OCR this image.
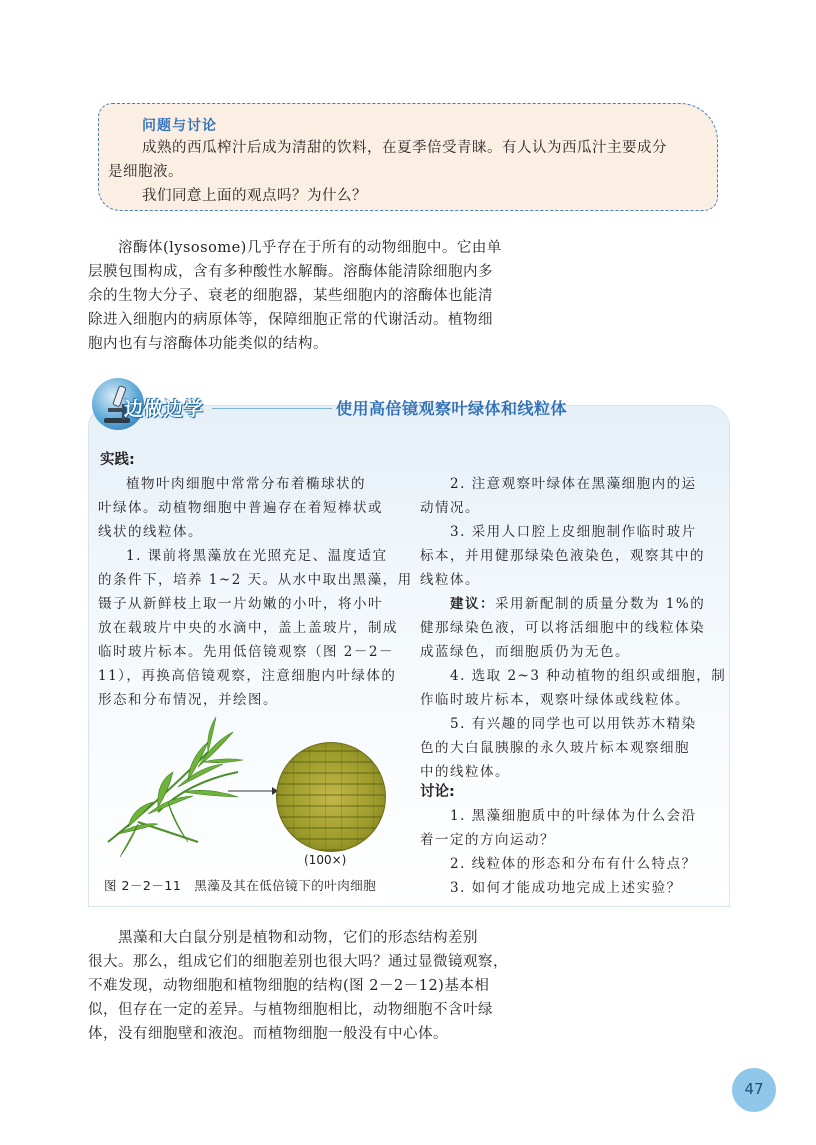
问题与讨论

成熟的西瓜榨汁后成为清甜的饮料，在夏季倍受青睐。有人认为西瓜汁主要成分

是细胞液。

我们同意上面的观点吗？为什么？

溶酶体(lysosome)几乎存在于所有的动物细胞中。它由单

层膜包围构成，含有多种酸性水解酶。溶酶体能清除细胞内多

余的生物大分子、衰老的细胞器，某些细胞内的溶酶体也能清

除进入细胞内的病原体等，保障细胞正常的代谢活动。植物细

胞内也有与溶酶体功能类似的结构。

边做边学	使用高倍镜观察叶绿体和线粒体
实践:

植物叶肉细胞中常常分布着椭球状的

叶绿体。动植物细胞中普遍存在着短棒状或

线状的线粒体。

1. 课前将黑藻放在光照充足、温度适宜

的条件下，培养 1~2 天。从水中取出黑藻，用

镊子从新鲜枝上取一片幼嫩的小叶，将小叶

放在载玻片中央的水滴中，盖上盖玻片，制成

临时玻片标本。先用低倍镜观察（图 2－2－

11），再换高倍镜观察，注意细胞内叶绿体的

形态和分布情况，并绘图。

(100×)
图 2－2－11　黑藻及其在低倍镜下的叶肉细胞

2. 注意观察叶绿体在黑藻细胞内的运

动情况。

3. 采用人口腔上皮细胞制作临时玻片

标本，并用健那绿染色液染色，观察其中的

线粒体。

建议：采用新配制的质量分数为 1%的

健那绿染色液，可以将活细胞中的线粒体染

成蓝绿色，而细胞质仍为无色。

4. 选取 2~3 种动植物的组织或细胞，制

作临时玻片标本，观察叶绿体或线粒体。

5. 有兴趣的同学也可以用铁苏木精染

色的大白鼠胰腺的永久玻片标本观察细胞

中的线粒体。

讨论:

1. 黑藻细胞质中的叶绿体为什么会沿

着一定的方向运动？

2. 线粒体的形态和分布有什么特点？

3. 如何才能成功地完成上述实验？

黑藻和大白鼠分别是植物和动物，它们的形态结构差别

很大。那么，组成它们的细胞差别也很大吗？通过显微镜观察，

不难发现，动物细胞和植物细胞的结构(图 2－2－12)基本相

似，但存在一定的差异。与植物细胞相比，动物细胞不含叶绿

体，没有细胞壁和液泡。而植物细胞一般没有中心体。

47
